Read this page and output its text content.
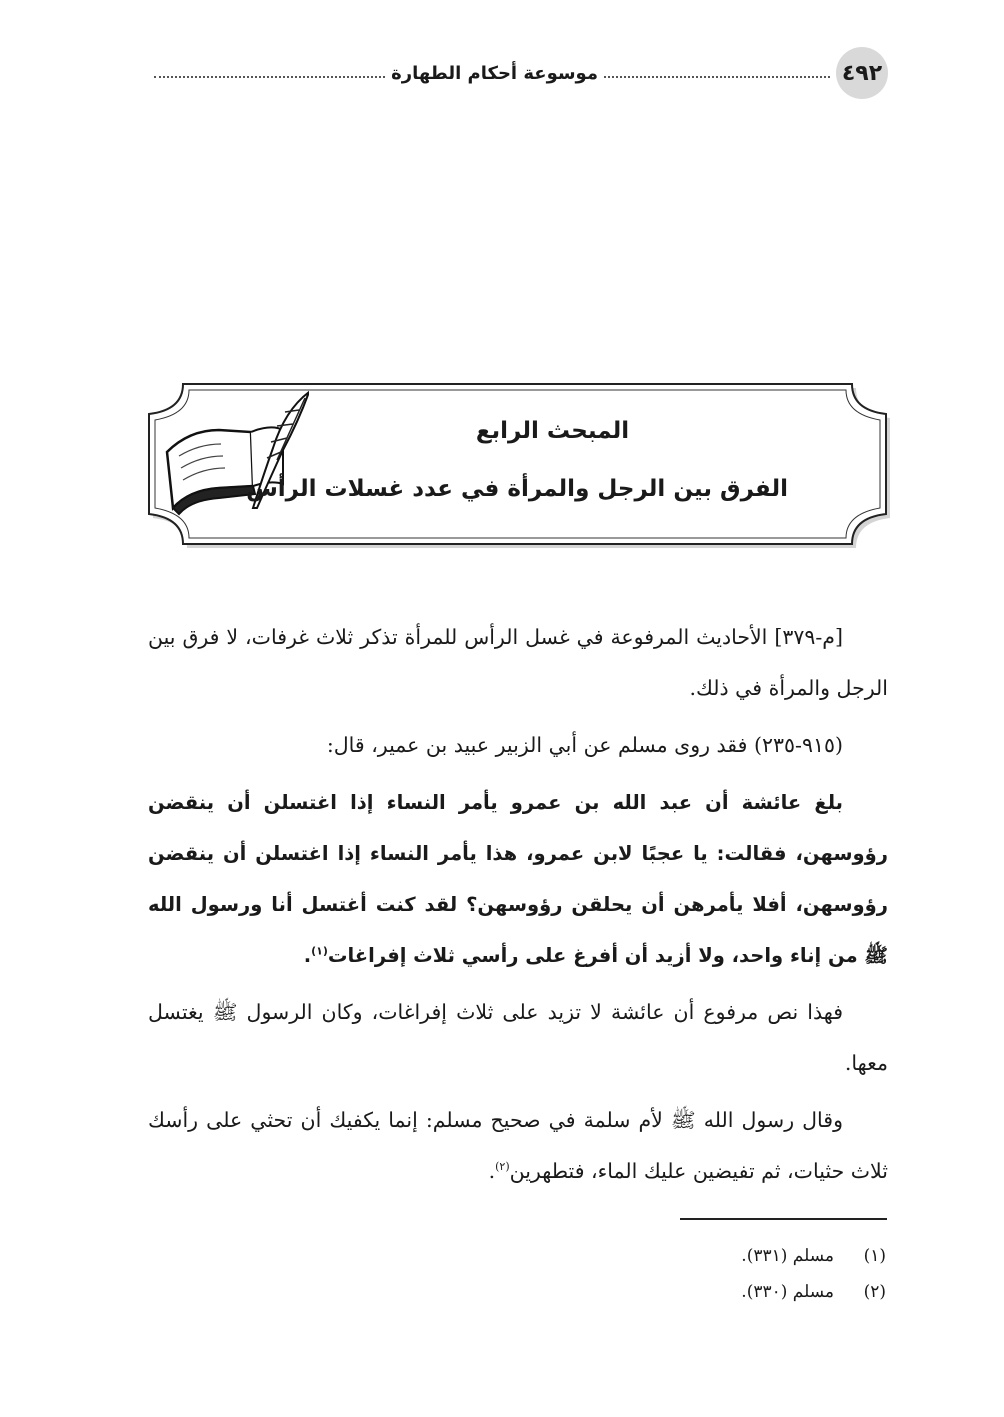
٤٩٢
موسوعة أحكام الطهارة
المبحث الرابع
الفرق بين الرجل والمرأة في عدد غسلات الرأس

[م-٣٧٩] الأحاديث المرفوعة في غسل الرأس للمرأة تذكر ثلاث غرفات، لا فرق بين الرجل والمرأة في ذلك.

(٩١٥-٢٣٥) فقد روى مسلم عن أبي الزبير عبيد بن عمير، قال:

بلغ عائشة أن عبد الله بن عمرو يأمر النساء إذا اغتسلن أن ينقضن رؤوسهن، فقالت: يا عجبًا لابن عمرو، هذا يأمر النساء إذا اغتسلن أن ينقضن رؤوسهن، أفلا يأمرهن أن يحلقن رؤوسهن؟ لقد كنت أغتسل أنا ورسول الله ﷺ من إناء واحد، ولا أزيد أن أفرغ على رأسي ثلاث إفراغات$^{(١)}$.

فهذا نص مرفوع أن عائشة لا تزيد على ثلاث إفراغات، وكان الرسول ﷺ يغتسل معها.

وقال رسول الله ﷺ لأم سلمة في صحيح مسلم: إنما يكفيك أن تحثي على رأسك ثلاث حثيات، ثم تفيضين عليك الماء، فتطهرين$^{(٢)}$.

(١)مسلم (٣٣١).
(٢)مسلم (٣٣٠).
